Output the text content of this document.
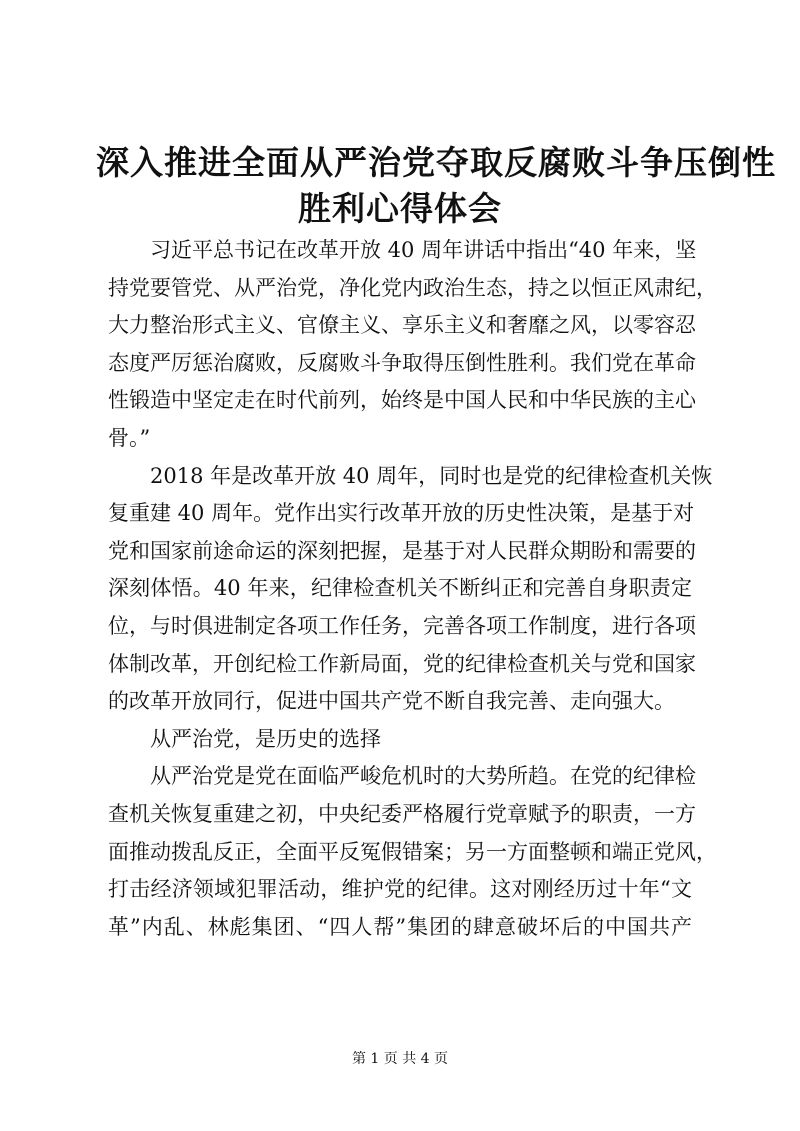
深入推进全面从严治党夺取反腐败斗争压倒性
胜利心得体会
习近平总书记在改革开放 40 周年讲话中指出“40 年来，坚
持党要管党、从严治党，净化党内政治生态，持之以恒正风肃纪，
大力整治形式主义、官僚主义、享乐主义和奢靡之风，以零容忍
态度严厉惩治腐败，反腐败斗争取得压倒性胜利。我们党在革命
性锻造中坚定走在时代前列，始终是中国人民和中华民族的主心
骨。”
2018 年是改革开放 40 周年，同时也是党的纪律检查机关恢
复重建 40 周年。党作出实行改革开放的历史性决策，是基于对
党和国家前途命运的深刻把握，是基于对人民群众期盼和需要的
深刻体悟。40 年来，纪律检查机关不断纠正和完善自身职责定
位，与时俱进制定各项工作任务，完善各项工作制度，进行各项
体制改革，开创纪检工作新局面，党的纪律检查机关与党和国家
的改革开放同行，促进中国共产党不断自我完善、走向强大。
从严治党，是历史的选择
从严治党是党在面临严峻危机时的大势所趋。在党的纪律检
查机关恢复重建之初，中央纪委严格履行党章赋予的职责，一方
面推动拨乱反正，全面平反冤假错案；另一方面整顿和端正党风，
打击经济领域犯罪活动，维护党的纪律。这对刚经历过十年“文
革”内乱、林彪集团、“四人帮”集团的肆意破坏后的中国共产
第 1 页 共 4 页
